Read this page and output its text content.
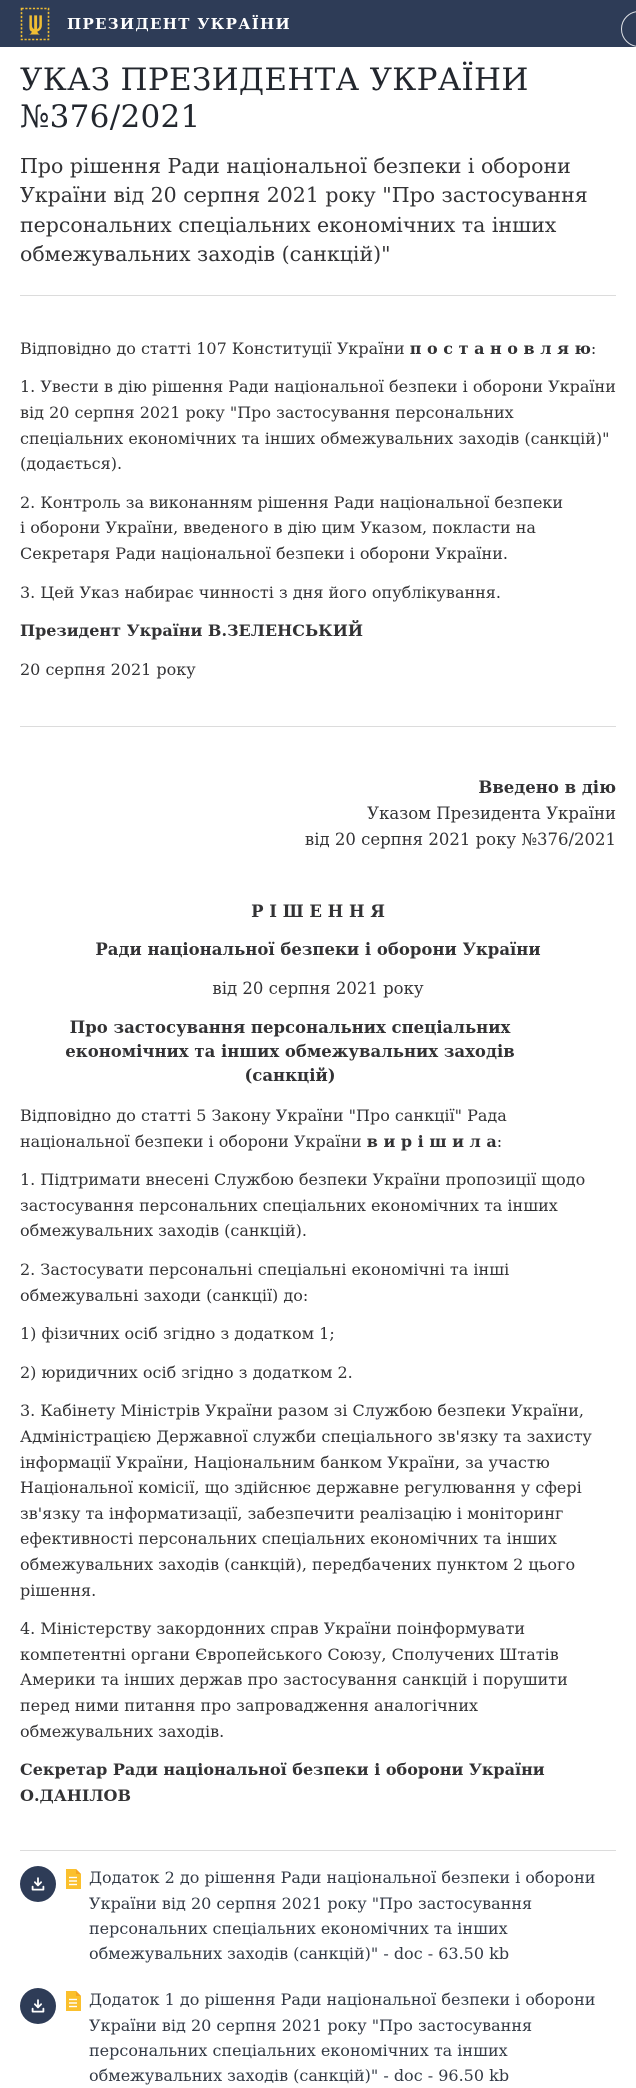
ПРЕЗИДЕНТ УКРАЇНИ
УКАЗ ПРЕЗИДЕНТА УКРАЇНИ №376/2021

Про рішення Ради національної безпеки і оборони України від 20 серпня 2021 року "Про застосування персональних спеціальних економічних та інших обмежувальних заходів (санкцій)"

Відповідно до статті 107 Конституції України п о с т а н о в л я ю:

1. Увести в дію рішення Ради національної безпеки і оборони України від 20 серпня 2021 року "Про застосування персональних спеціальних економічних та інших обмежувальних заходів (санкцій)" (додається).

2. Контроль за виконанням рішення Ради національної безпеки
і оборони України, введеного в дію цим Указом, покласти на Секретаря Ради національної безпеки і оборони України.

3. Цей Указ набирає чинності з дня його опублікування.

Президент України В.ЗЕЛЕНСЬКИЙ

20 серпня 2021 року

Введено в дію

Указом Президента України

від 20 серпня 2021 року №376/2021

Р І Ш Е Н Н Я

Ради національної безпеки і оборони України

від 20 серпня 2021 року

Про застосування персональних спеціальних економічних та інших обмежувальних заходів (санкцій)

Відповідно до статті 5 Закону України "Про санкції" Рада національної безпеки і оборони України в и р і ш и л а:

1. Підтримати внесені Службою безпеки України пропозиції щодо застосування персональних спеціальних економічних та інших обмежувальних заходів (санкцій).

2. Застосувати персональні спеціальні економічні та інші обмежувальні заходи (санкції) до:

1) фізичних осіб згідно з додатком 1;

2) юридичних осіб згідно з додатком 2.

3. Кабінету Міністрів України разом зі Службою безпеки України, Адміністрацією Державної служби спеціального зв'язку та захисту інформації України, Національним банком України, за участю Національної комісії, що здійснює державне регулювання у сфері зв'язку та інформатизації, забезпечити реалізацію і моніторинг ефективності персональних спеціальних економічних та інших обмежувальних заходів (санкцій), передбачених пунктом 2 цього рішення.

4. Міністерству закордонних справ України поінформувати компетентні органи Європейського Союзу, Сполучених Штатів Америки та інших держав про застосування санкцій і порушити перед ними питання про запровадження аналогічних обмежувальних заходів.

Секретар Ради національної безпеки і оборони України О.ДАНІЛОВ

Додаток 2 до рішення Ради національної безпеки і оборони України від 20 серпня 2021 року "Про застосування персональних спеціальних економічних та інших обмежувальних заходів (санкцій)" - doc - 63.50 kb
Додаток 1 до рішення Ради національної безпеки і оборони України від 20 серпня 2021 року "Про застосування персональних спеціальних економічних та інших обмежувальних заходів (санкцій)" - doc - 96.50 kb
